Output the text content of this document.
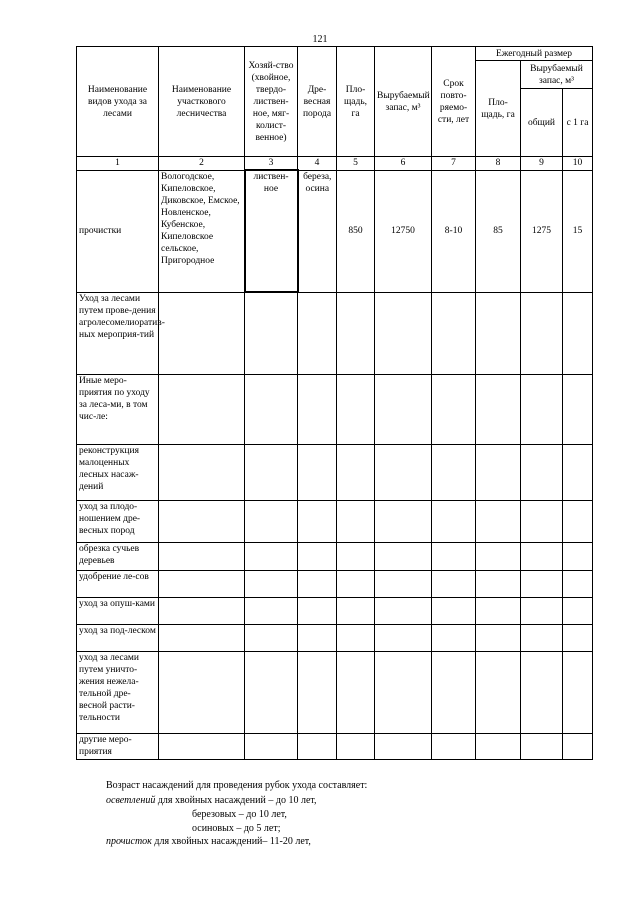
121
Наименование видов ухода за лесами	Наименование участкового лесничества	Хозяй-ство (хвойное, твердо-листвен-ное, мяг-колист-венное)	Дре-весная порода	Пло-щадь, га	Вырубаемый запас, м³	Срок повто-ряемо-сти, лет	Ежегодный размер		
							Пло-щадь, га	Вырубаемый запас, м³	
								общий	с 1 га
1	2	3	4	5	6	7	8	9	10
прочистки	Вологодское, Кипеловское, Диковское, Емское, Новленское, Кубенское, Кипеловское сельское, Пригородное	листвен-ное	береза, осина	850	12750	8-10	85	1275	15
Уход за лесами путем прове-дения агролесомелиоратив-ных мероприя-тий									
Иные меро-приятия по уходу за леса-ми, в том чис-ле:									
реконструкция малоценных лесных насаж-дений									
уход за плодо-ношением дре-весных пород									
обрезка сучьев деревьев									
удобрение ле-сов									
уход за опуш-ками									
уход за под-леском									
уход за лесами путем уничто-жения нежела-тельной дре-весной расти-тельности									
другие меро-приятия									
Возраст насаждений для проведения рубок ухода составляет:
осветлений для хвойных насаждений – до 10 лет,
березовых – до 10 лет,
осиновых – до 5 лет;
прочисток для хвойных насаждений– 11-20 лет,
